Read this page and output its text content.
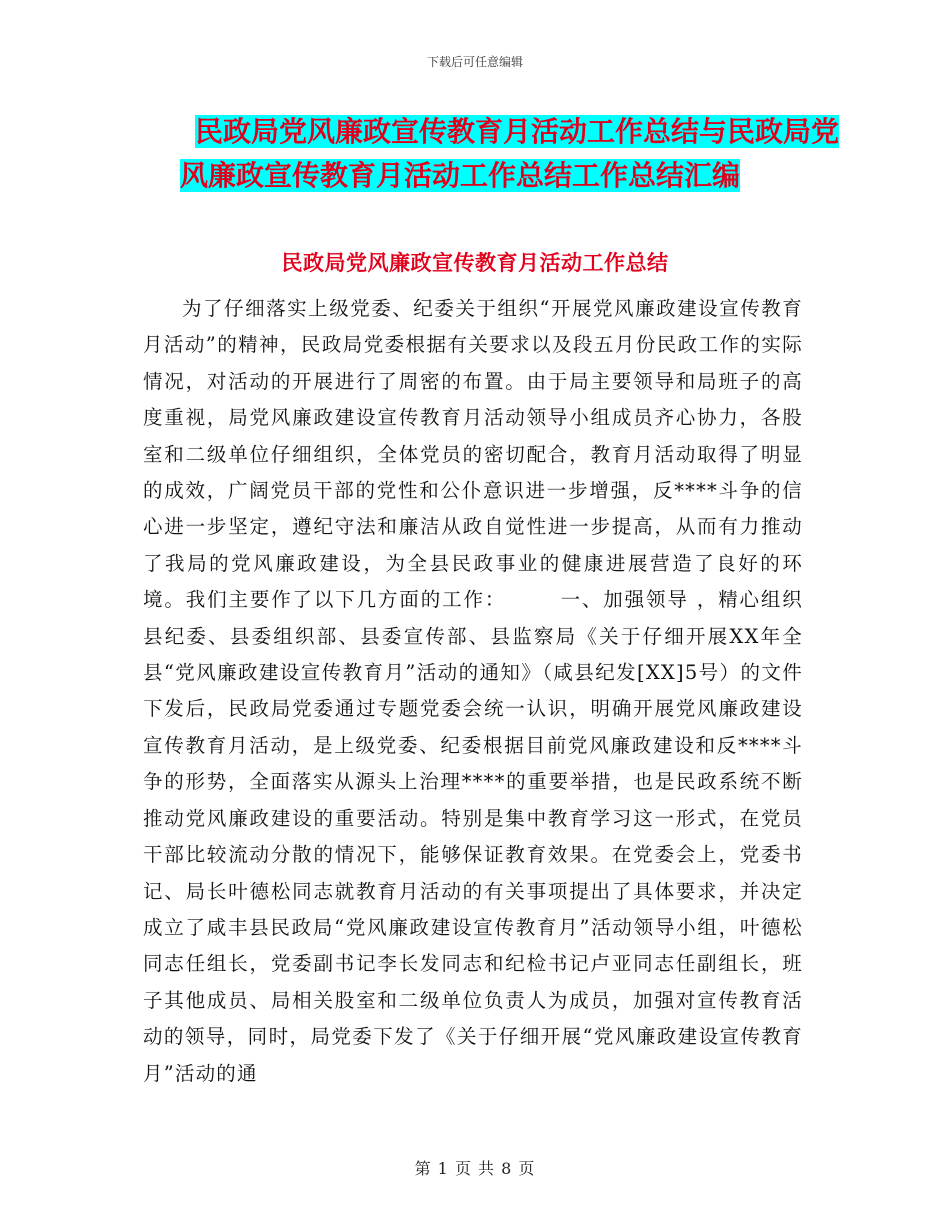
下载后可任意编辑
民政局党风廉政宣传教育月活动工作总结与民政局党
风廉政宣传教育月活动工作总结工作总结汇编
民政局党风廉政宣传教育月活动工作总结

为了仔细落实上级党委、纪委关于组织“开展党风廉政建设宣传教育月活动”的精神，民政局党委根据有关要求以及段五月份民政工作的实际情况，对活动的开展进行了周密的布置。由于局主要领导和局班子的高度重视，局党风廉政建设宣传教育月活动领导小组成员齐心协力，各股室和二级单位仔细组织，全体党员的密切配合，教育月活动取得了明显的成效，广阔党员干部的党性和公仆意识进一步增强，反****斗争的信心进一步坚定，遵纪守法和廉洁从政自觉性进一步提高，从而有力推动了我局的党风廉政建设，为全县民政事业的健康进展营造了良好的环境。我们主要作了以下几方面的工作：　　　一、加强领导 ，精心组织　　　县纪委、县委组织部、县委宣传部、县监察局《关于仔细开展XX年全县“党风廉政建设宣传教育月”活动的通知》（咸县纪发[XX]5号）的文件下发后，民政局党委通过专题党委会统一认识，明确开展党风廉政建设宣传教育月活动，是上级党委、纪委根据目前党风廉政建设和反****斗争的形势，全面落实从源头上治理****的重要举措，也是民政系统不断推动党风廉政建设的重要活动。特别是集中教育学习这一形式，在党员干部比较流动分散的情况下，能够保证教育效果。在党委会上，党委书记、局长叶德松同志就教育月活动的有关事项提出了具体要求，并决定成立了咸丰县民政局“党风廉政建设宣传教育月”活动领导小组，叶德松同志任组长，党委副书记李长发同志和纪检书记卢亚同志任副组长，班子其他成员、局相关股室和二级单位负责人为成员，加强对宣传教育活动的领导，同时，局党委下发了《关于仔细开展“党风廉政建设宣传教育月”活动的通

第 1 页 共 8 页
